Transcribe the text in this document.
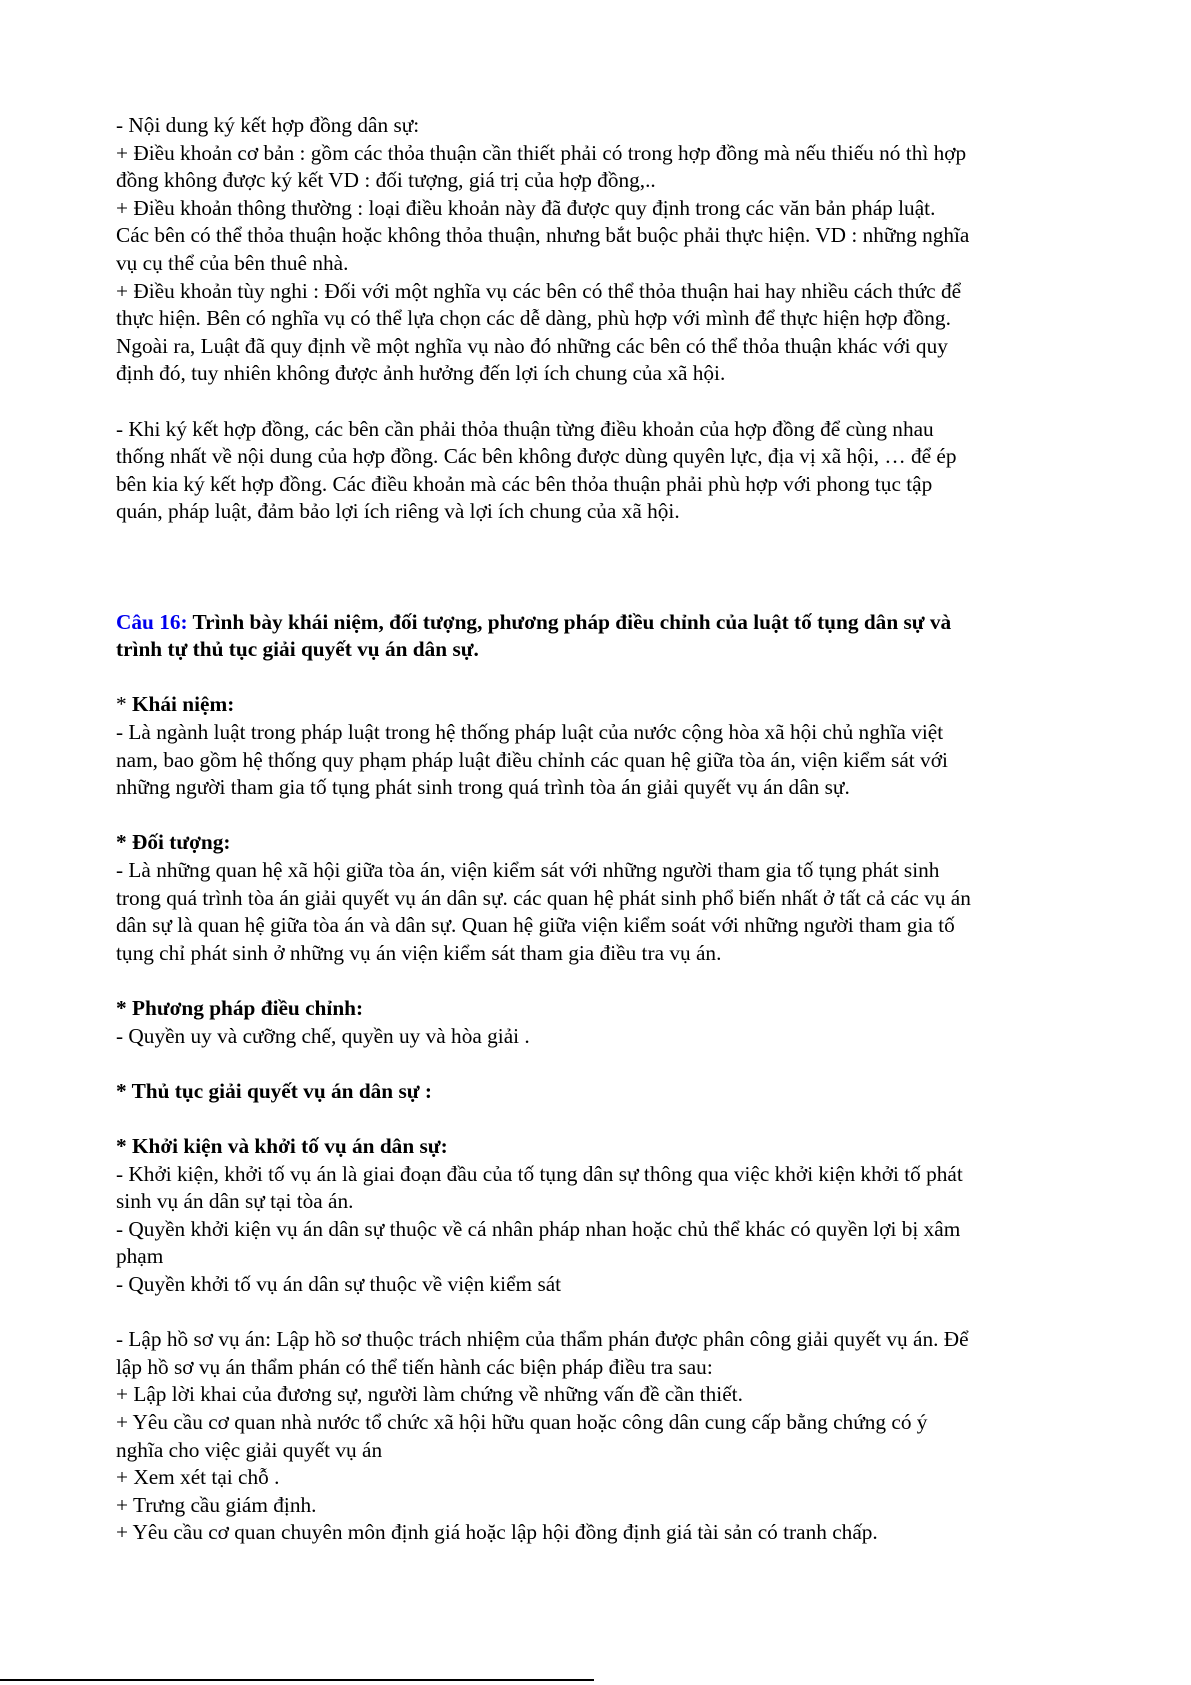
- Nội dung ký kết hợp đồng dân sự:

+ Điều khoản cơ bản : gồm các thỏa thuận cần thiết phải có trong hợp đồng mà nếu thiếu nó thì hợp

đồng không được ký kết VD : đối tượng, giá trị của hợp đồng,..

+ Điều khoản thông thường : loại điều khoản này đã được quy định trong các văn bản pháp luật.

Các bên có thể thỏa thuận hoặc không thỏa thuận, nhưng bắt buộc phải thực hiện. VD : những nghĩa

vụ cụ thể của bên thuê nhà.

+ Điều khoản tùy nghi : Đối với một nghĩa vụ các bên có thể thỏa thuận hai hay nhiều cách thức để

thực hiện. Bên có nghĩa vụ có thể lựa chọn các dễ dàng, phù hợp với mình để thực hiện hợp đồng.

Ngoài ra, Luật đã quy định về một nghĩa vụ nào đó những các bên có thể thỏa thuận khác với quy

định đó, tuy nhiên không được ảnh hưởng đến lợi ích chung của xã hội.

- Khi ký kết hợp đồng, các bên cần phải thỏa thuận từng điều khoản của hợp đồng để cùng nhau

thống nhất về nội dung của hợp đồng. Các bên không được dùng quyên lực, địa vị xã hội, … để ép

bên kia ký kết hợp đồng. Các điều khoản mà các bên thỏa thuận phải phù hợp với phong tục tập

quán, pháp luật, đảm bảo lợi ích riêng và lợi ích chung của xã hội.

Câu 16: Trình bày khái niệm, đối tượng, phương pháp điều chỉnh của luật tố tụng dân sự và

trình tự thủ tục giải quyết vụ án dân sự.

* Khái niệm:

- Là ngành luật trong pháp luật trong hệ thống pháp luật của nước cộng hòa xã hội chủ nghĩa việt

nam, bao gồm hệ thống quy phạm pháp luật điều chỉnh các quan hệ giữa tòa án, viện kiểm sát với

những người tham gia tố tụng phát sinh trong quá trình tòa án giải quyết vụ án dân sự.

* Đối tượng:

- Là những quan hệ xã hội giữa tòa án, viện kiểm sát với những người tham gia tố tụng phát sinh

trong quá trình tòa án giải quyết vụ án dân sự. các quan hệ phát sinh phổ biến nhất ở tất cả các vụ án

dân sự là quan hệ giữa tòa án và dân sự. Quan hệ giữa viện kiểm soát với những người tham gia tố

tụng chỉ phát sinh ở những vụ án viện kiểm sát tham gia điều tra vụ án.

* Phương pháp điều chỉnh:

- Quyền uy và cưỡng chế, quyền uy và hòa giải .

* Thủ tục giải quyết vụ án dân sự :

* Khởi kiện và khởi tố vụ án dân sự:

- Khởi kiện, khởi tố vụ án là giai đoạn đầu của tố tụng dân sự thông qua việc khởi kiện khởi tố phát

sinh vụ án dân sự tại tòa án.

- Quyền khởi kiện vụ án dân sự thuộc về cá nhân pháp nhan hoặc chủ thể khác có quyền lợi bị xâm

phạm

- Quyền khởi tố vụ án dân sự thuộc về viện kiểm sát

- Lập hồ sơ vụ án: Lập hồ sơ thuộc trách nhiệm của thẩm phán được phân công giải quyết vụ án. Để

lập hồ sơ vụ án thẩm phán có thể tiến hành các biện pháp điều tra sau:

+ Lập lời khai của đương sự, người làm chứng về những vấn đề cần thiết.

+ Yêu cầu cơ quan nhà nước tổ chức xã hội hữu quan hoặc công dân cung cấp bằng chứng có ý

nghĩa cho việc giải quyết vụ án

+ Xem xét tại chỗ .

+ Trưng cầu giám định.

+ Yêu cầu cơ quan chuyên môn định giá hoặc lập hội đồng định giá tài sản có tranh chấp.
